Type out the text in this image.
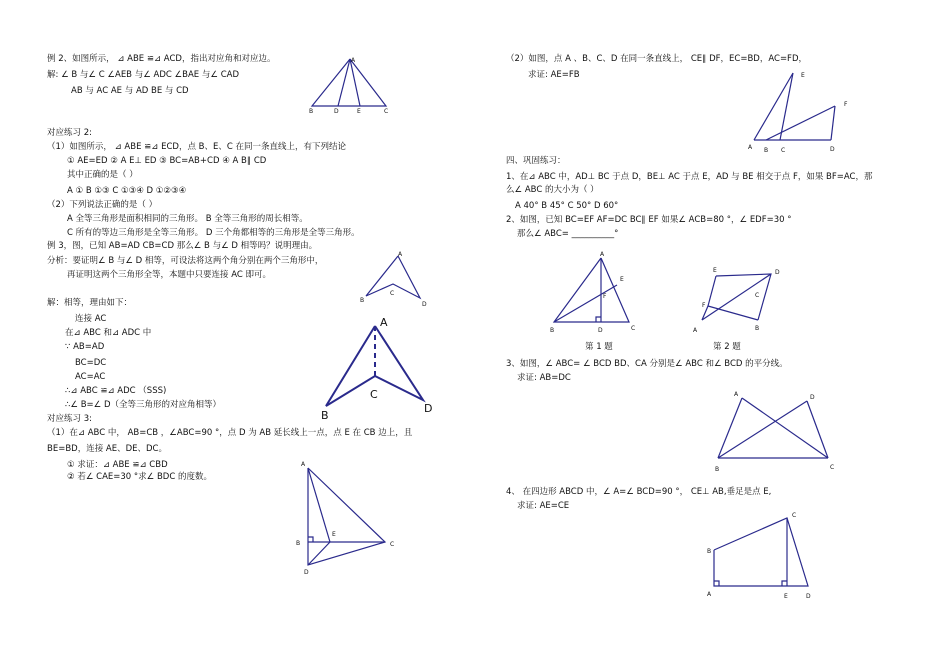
例 2、如图所示， ⊿ ABE ≌⊿ ACD，指出对应角和对应边。
解: ∠ B 与∠ C ∠AEB 与∠ ADC ∠BAE 与∠ CAD
AB 与 AC AE 与 AD BE 与 CD
对应练习 2:
（1）如图所示， ⊿ ABE ≌⊿ ECD，点 B、E、C 在同一条直线上，有下列结论
① AE=ED ② A E⊥ ED ③ BC=AB+CD ④ A B∥ CD
其中正确的是（ ）
A ① B ①③ C ①③④ D ①②③④
（2）下列说法正确的是（ ）
A 全等三角形是面积相同的三角形。 B 全等三角形的周长相等。
C 所有的等边三角形是全等三角形。 D 三个角都相等的三角形是全等三角形。
例 3，图，已知 AB=AD CB=CD 那么∠ B 与∠ D 相等吗？说明理由。
分析：要证明∠ B 与∠ D 相等，可设法将这两个角分别在两个三角形中，
再证明这两个三角形全等，本题中只要连接 AC 即可。
解：相等，理由如下：
连接 AC
在⊿ ABC 和⊿ ADC 中
∵ AB=AD
BC=DC
AC=AC
∴⊿ ABC ≌⊿ ADC （SSS)
∴∠ B=∠ D（全等三角形的对应角相等）
对应练习 3:
（1）在⊿ ABC 中， AB=CB ，∠ABC=90 °，点 D 为 AB 延长线上一点，点 E 在 CB 边上，且
BE=BD，连接 AE、DE、DC。
① 求证：⊿ ABE ≌⊿ CBD
② 若∠ CAE=30 °求∠ BDC 的度数。
（2）如图，点 A 、B、C、D 在同一条直线上， CE∥ DF，EC=BD，AC=FD，
求证: AE=FB
四、巩固练习：
1、在⊿ ABC 中，AD⊥ BC 于点 D，BE⊥ AC 于点 E，AD 与 BE 相交于点 F，如果 BF=AC，那
么∠ ABC 的大小为（ ）
A 40° B 45° C 50° D 60°
2、如图，已知 BC=EF AF=DC BC∥ EF 如果∠ ACB=80 °，∠ EDF=30 °
那么∠ ABC= __________°
第 1 题	第 2 题
3、如图，∠ ABC= ∠ BCD BD、CA 分别是∠ ABC 和∠ BCD 的平分线。
求证: AB=DC
4、 在四边形 ABCD 中，∠ A=∠ BCD=90 °， CE⊥ AB,垂足是点 E,
求证: AE=CE
A
B	D	E	C
A
B
C
D
A
B
C
D
A
B
D
E
C
E
F
A B C	D
A
E
F
B	D	C
E	D
F
C
A	B
A	D
B	C
C
B
A	E	D
